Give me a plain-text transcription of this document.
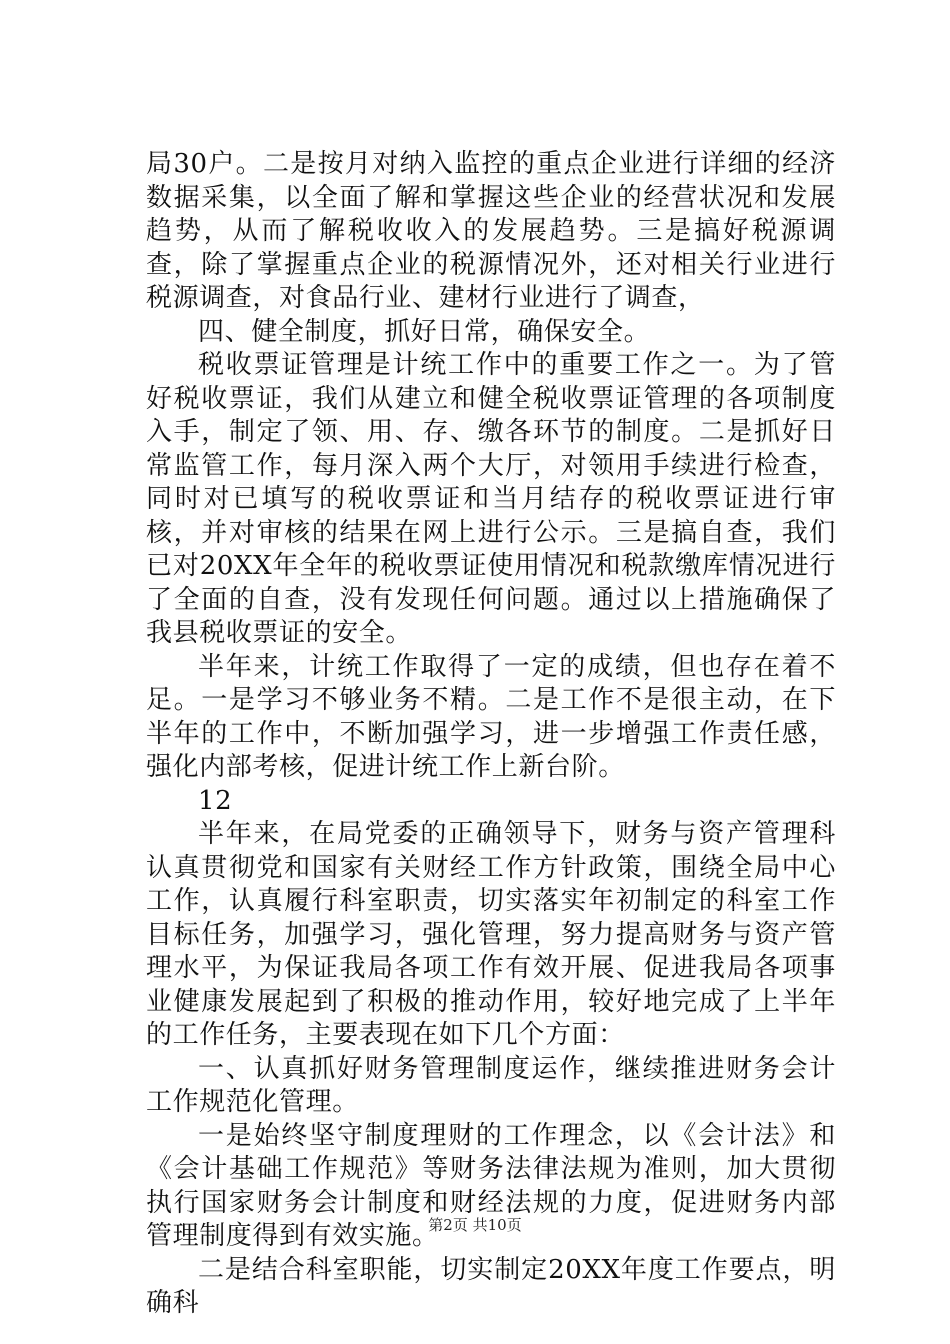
局30户。二是按月对纳入监控的重点企业进行详细的经济数据采集，以全面了解和掌握这些企业的经营状况和发展趋势，从而了解税收收入的发展趋势。三是搞好税源调查，除了掌握重点企业的税源情况外，还对相关行业进行税源调查，对食品行业、建材行业进行了调查，

四、健全制度，抓好日常，确保安全。

税收票证管理是计统工作中的重要工作之一。为了管好税收票证，我们从建立和健全税收票证管理的各项制度入手，制定了领、用、存、缴各环节的制度。二是抓好日常监管工作，每月深入两个大厅，对领用手续进行检查，同时对已填写的税收票证和当月结存的税收票证进行审核，并对审核的结果在网上进行公示。三是搞自查，我们已对20XX年全年的税收票证使用情况和税款缴库情况进行了全面的自查，没有发现任何问题。通过以上措施确保了我县税收票证的安全。

半年来，计统工作取得了一定的成绩，但也存在着不足。一是学习不够业务不精。二是工作不是很主动，在下半年的工作中，不断加强学习，进一步增强工作责任感，强化内部考核，促进计统工作上新台阶。

12

半年来，在局党委的正确领导下，财务与资产管理科认真贯彻党和国家有关财经工作方针政策，围绕全局中心工作，认真履行科室职责，切实落实年初制定的科室工作目标任务，加强学习，强化管理，努力提高财务与资产管理水平，为保证我局各项工作有效开展、促进我局各项事业健康发展起到了积极的推动作用，较好地完成了上半年的工作任务，主要表现在如下几个方面：

一、认真抓好财务管理制度运作，继续推进财务会计工作规范化管理。

一是始终坚守制度理财的工作理念，以《会计法》和《会计基础工作规范》等财务法律法规为准则，加大贯彻执行国家财务会计制度和财经法规的力度，促进财务内部管理制度得到有效实施。

二是结合科室职能，切实制定20XX年度工作要点，明确科

第2页 共10页
